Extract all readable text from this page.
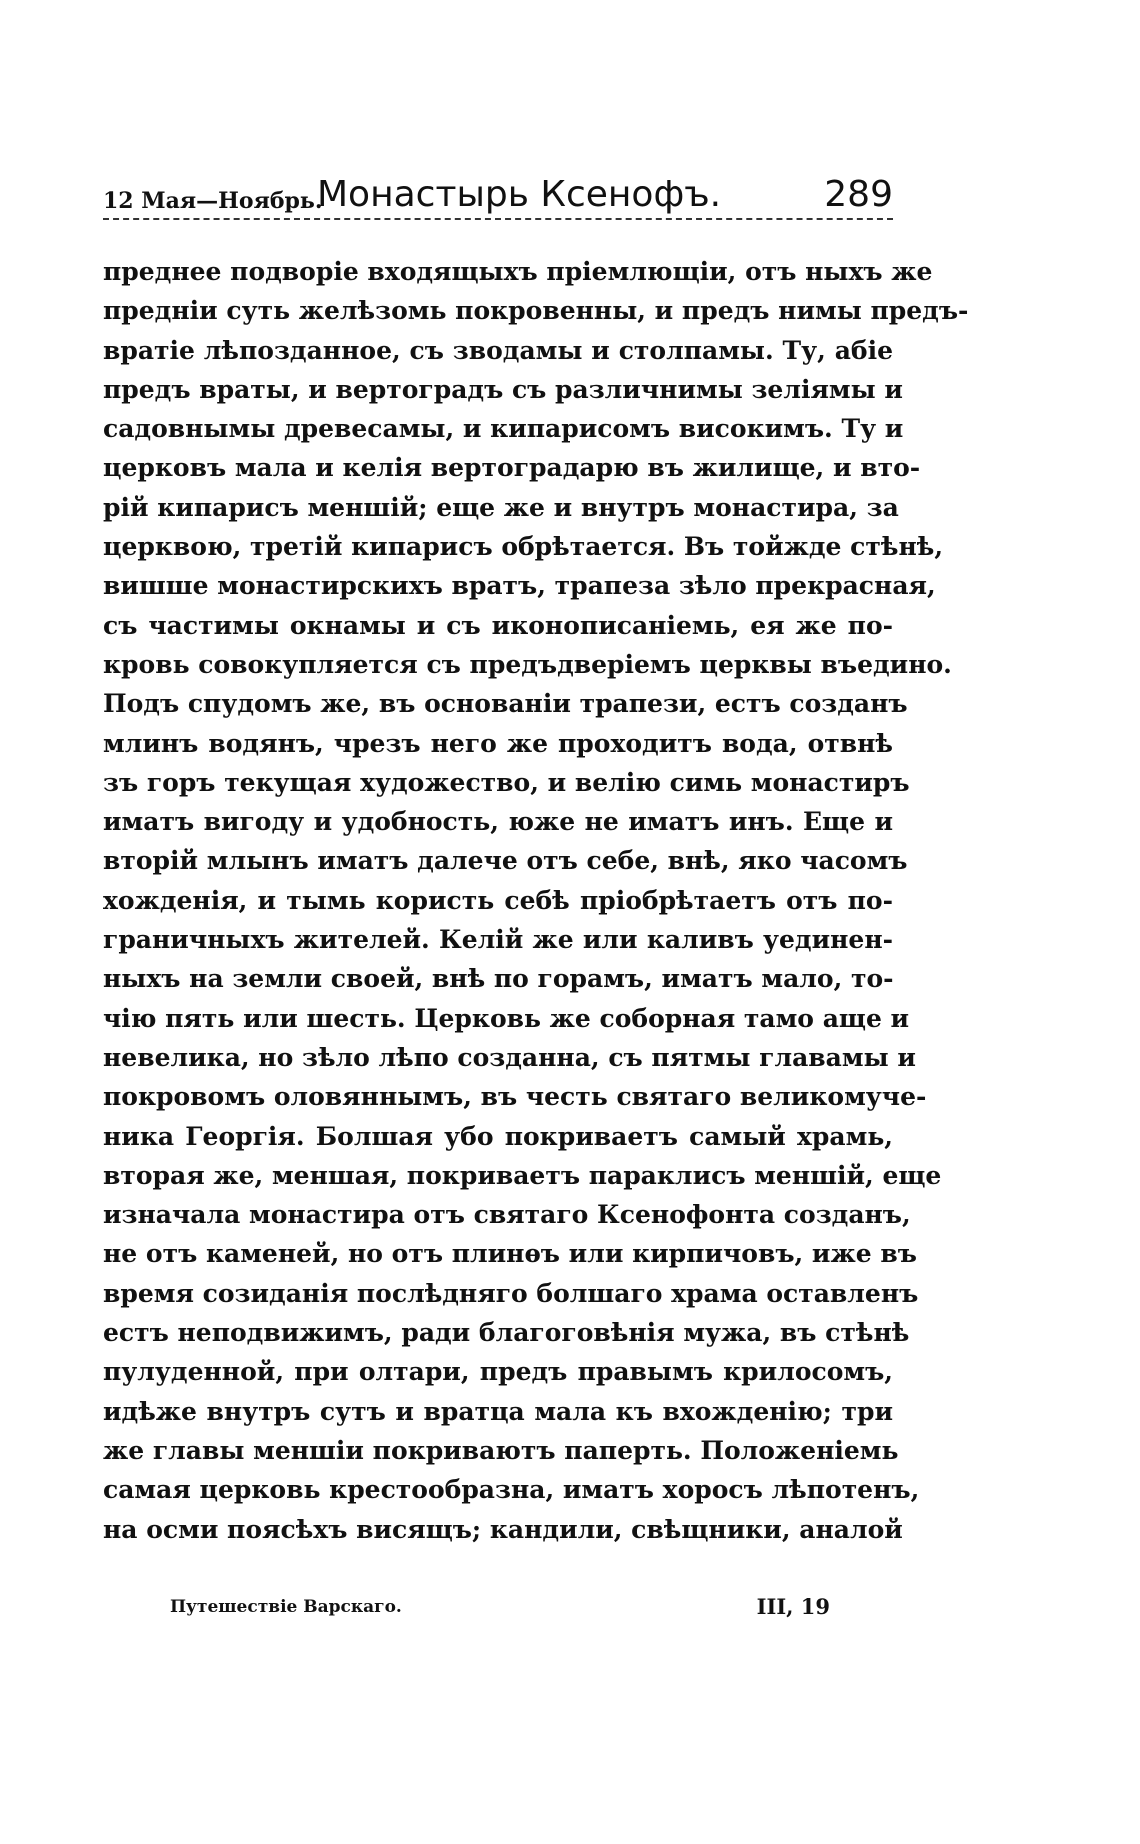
12 Мая—Ноябрь.
Монастырь Ксенофъ.	289
преднее подворіе входящыхъ пріемлющіи, отъ ныхъ же
предніи суть желѣзомь покровенны, и предъ нимы предъ-
вратіе лѣпозданное, съ зводамы и столпамы. Ту, абіе
предъ враты, и вертоградъ съ различнимы зеліямы и
садовнымы древесамы, и кипарисомъ високимъ. Ту и
церковъ мала и келія вертоградарю въ жилище, и вто-
рій кипарисъ меншій; еще же и внутръ монастира, за
церквою, третій кипарисъ обрѣтается. Въ тойжде стѣнѣ,
вишше монастирскихъ вратъ, трапеза зѣло прекрасная,
съ частимы окнамы и съ иконописаніемь, ея же по-
кровь совокупляется съ предъдверіемъ церквы въедино.
Подъ спудомъ же, въ основаніи трапези, естъ созданъ
млинъ водянъ, чрезъ него же проходитъ вода, отвнѣ
зъ горъ текущая художество, и велію симь монастиръ
иматъ вигоду и удобность, юже не иматъ инъ. Еще и
вторій млынъ иматъ далече отъ себе, внѣ, яко часомъ
хожденія, и тымь користь себѣ пріобрѣтаетъ отъ по-
граничныхъ жителей. Келій же или каливъ уединен-
ныхъ на земли своей, внѣ по горамъ, иматъ мало, то-
чію пять или шесть. Церковь же соборная тамо аще и
невелика, но зѣло лѣпо созданна, съ пятмы главамы и
покровомъ оловяннымъ, въ честь святаго великомуче-
ника Георгія. Болшая убо покриваетъ самый храмь,
вторая же, меншая, покриваетъ параклисъ меншій, еще
изначала монастира отъ святаго Ксенофонта созданъ,
не отъ каменей, но отъ плинѳъ или кирпичовъ, иже въ
время созиданія послѣдняго болшаго храма оставленъ
естъ неподвижимъ, ради благоговѣнія мужа, въ стѣнѣ
пулуденной, при олтари, предъ правымъ крилосомъ,
идѣже внутръ сутъ и вратца мала къ вхожденію; три
же главы меншіи покриваютъ паперть. Положеніемь
самая церковь крестообразна, иматъ хоросъ лѣпотенъ,
на осми поясѣхъ висящъ; кандили, свѣщники, аналой
Путешествіе Варскаго.	III, 19
